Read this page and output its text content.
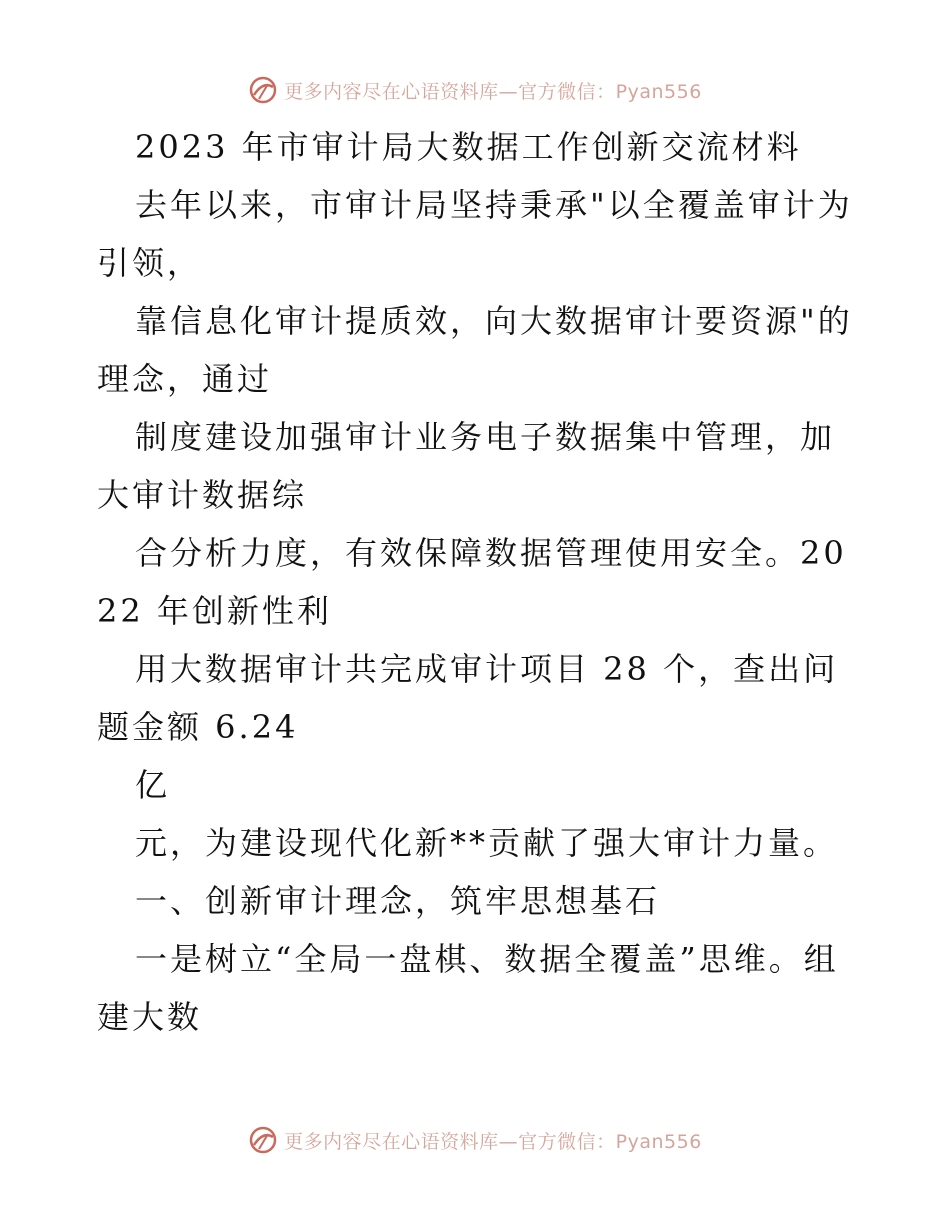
更多内容尽在心语资料库—官方微信：Pyan556

2023 年市审计局大数据工作创新交流材料

去年以来，市审计局坚持秉承"以全覆盖审计为引领，

靠信息化审计提质效，向大数据审计要资源"的理念，通过

制度建设加强审计业务电子数据集中管理，加大审计数据综

合分析力度，有效保障数据管理使用安全。2022 年创新性利

用大数据审计共完成审计项目 28 个，查出问题金额 6.24

亿

元，为建设现代化新**贡献了强大审计力量。

一、创新审计理念，筑牢思想基石

一是树立“全局一盘棋、数据全覆盖”思维。组建大数

更多内容尽在心语资料库—官方微信：Pyan556
